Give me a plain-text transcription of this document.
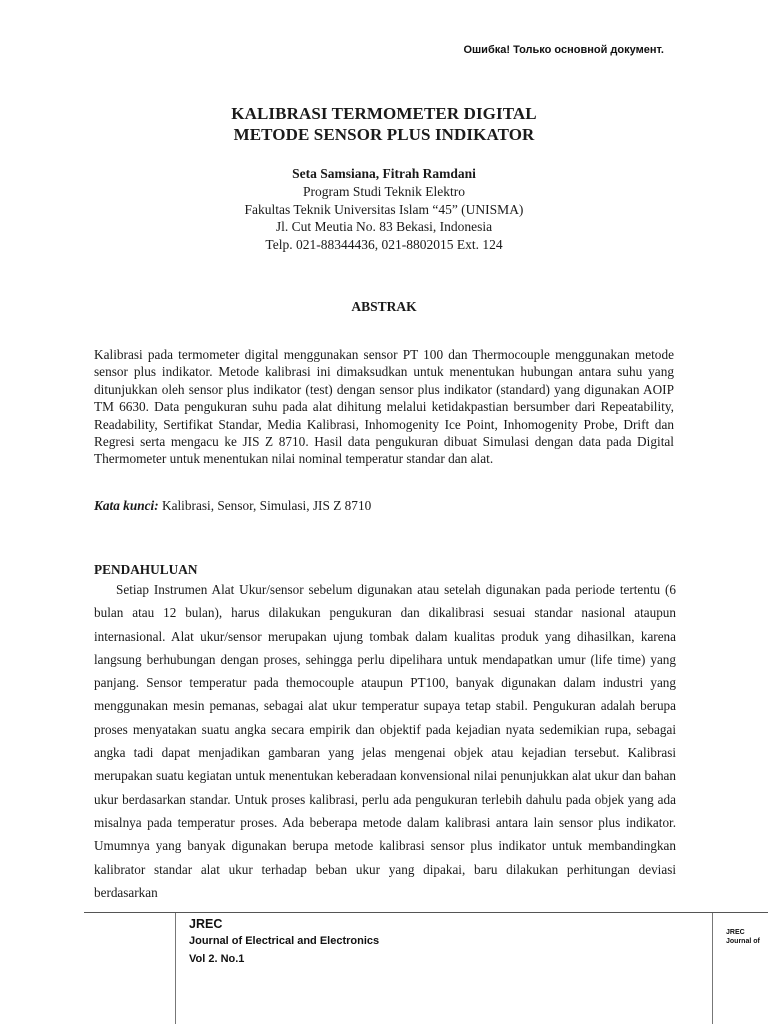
Ошибка! Только основной документ.
KALIBRASI TERMOMETER DIGITAL
METODE SENSOR PLUS INDIKATOR
Seta Samsiana, Fitrah Ramdani
Program Studi Teknik Elektro
Fakultas Teknik Universitas Islam “45” (UNISMA)
Jl. Cut Meutia No. 83 Bekasi, Indonesia
Telp. 021-88344436, 021-8802015 Ext. 124
ABSTRAK

Kalibrasi pada termometer digital menggunakan sensor PT 100 dan Thermocouple menggunakan metode sensor plus indikator. Metode kalibrasi ini dimaksudkan untuk menentukan hubungan antara suhu yang ditunjukkan oleh sensor plus indikator (test) dengan sensor plus indikator (standard) yang digunakan AOIP TM 6630. Data pengukuran suhu pada alat dihitung melalui ketidakpastian bersumber dari Repeatability, Readability, Sertifikat Standar, Media Kalibrasi, Inhomogenity Ice Point, Inhomogenity Probe, Drift dan Regresi serta mengacu ke JIS Z 8710. Hasil data pengukuran dibuat Simulasi dengan data pada Digital Thermometer untuk menentukan nilai nominal temperatur standar dan alat.

Kata kunci: Kalibrasi, Sensor, Simulasi, JIS Z 8710

PENDAHULUAN

Setiap Instrumen Alat Ukur/sensor sebelum digunakan atau setelah digunakan pada periode tertentu (6 bulan atau 12 bulan), harus dilakukan pengukuran dan dikalibrasi sesuai standar nasional ataupun internasional. Alat ukur/sensor merupakan ujung tombak dalam kualitas produk yang dihasilkan, karena langsung berhubungan dengan proses, sehingga perlu dipelihara untuk mendapatkan umur (life time) yang panjang. Sensor temperatur pada themocouple ataupun PT100, banyak digunakan dalam industri yang menggunakan mesin pemanas, sebagai alat ukur temperatur supaya tetap stabil. Pengukuran adalah berupa proses menyatakan suatu angka secara empirik dan objektif pada kejadian nyata sedemikian rupa, sebagai angka tadi dapat menjadikan gambaran yang jelas mengenai objek atau kejadian tersebut. Kalibrasi merupakan suatu kegiatan untuk menentukan keberadaan konvensional nilai penunjukkan alat ukur dan bahan ukur berdasarkan standar. Untuk proses kalibrasi, perlu ada pengukuran terlebih dahulu pada objek yang ada misalnya pada temperatur proses. Ada beberapa metode dalam kalibrasi antara lain sensor plus indikator. Umumnya yang banyak digunakan berupa metode kalibrasi sensor plus indikator untuk membandingkan kalibrator standar alat ukur terhadap beban ukur yang dipakai, baru dilakukan perhitungan deviasi berdasarkan

JREC
Journal of Electrical and Electronics
Vol 2. No.1
JREC
Journal of
